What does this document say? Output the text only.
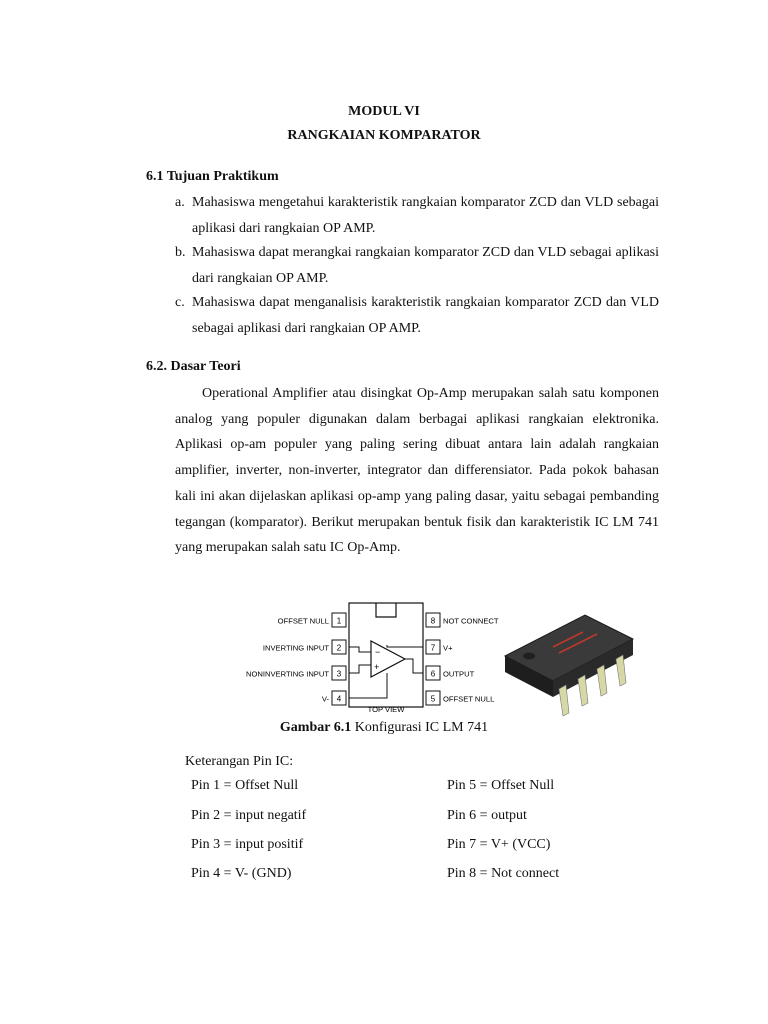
MODUL VI
RANGKAIAN KOMPARATOR
6.1 Tujuan Praktikum
a. Mahasiswa mengetahui karakteristik rangkaian komparator ZCD dan VLD sebagai aplikasi dari rangkaian OP AMP.
b. Mahasiswa dapat merangkai rangkaian komparator ZCD dan VLD sebagai aplikasi dari rangkaian OP AMP.
c. Mahasiswa dapat menganalisis karakteristik rangkaian komparator ZCD dan VLD sebagai aplikasi dari rangkaian OP AMP.
6.2. Dasar Teori
Operational Amplifier atau disingkat Op-Amp merupakan salah satu komponen analog yang populer digunakan dalam berbagai aplikasi rangkaian elektronika. Aplikasi op-am populer yang paling sering dibuat antara lain adalah rangkaian amplifier, inverter, non-inverter, integrator dan differensiator. Pada pokok bahasan kali ini akan dijelaskan aplikasi op-amp yang paling dasar, yaitu sebagai pembanding tegangan (komparator). Berikut merupakan bentuk fisik dan karakteristik IC LM 741 yang merupakan salah satu IC Op-Amp.
1
2
3
4
8
7
6
5
OFFSET NULL
INVERTING INPUT
NONINVERTING INPUT
V-
NOT CONNECT
V+
OUTPUT
OFFSET NULL
−
+
TOP VIEW
Gambar 6.1 Konfigurasi IC LM 741
Keterangan Pin IC:
Pin 1 = Offset Null
Pin 2 = input negatif
Pin 3 = input positif
Pin 4 = V- (GND)
Pin 5 = Offset Null
Pin 6 = output
Pin 7 = V+ (VCC)
Pin 8 = Not connect
